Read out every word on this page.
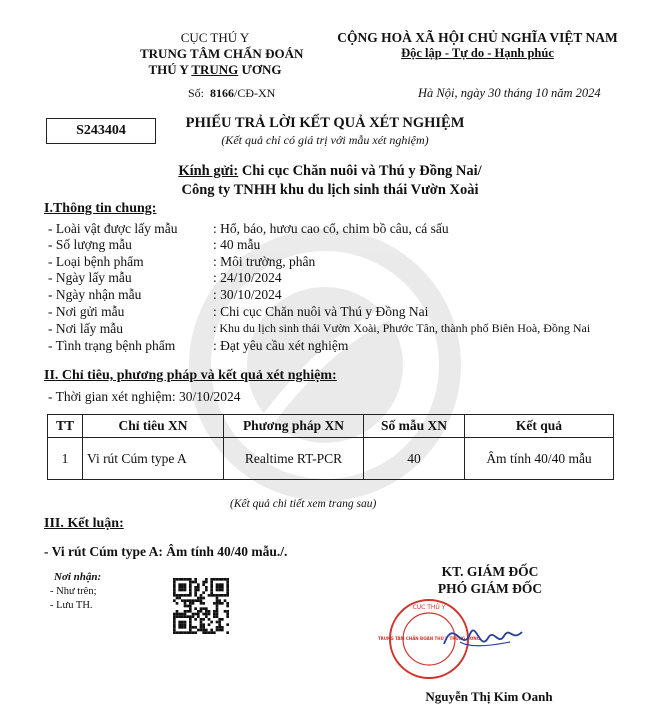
CỤC THÚ Y
TRUNG TÂM CHẨN ĐOÁN
THÚ Y TRUNG ƯƠNG
Số: 8166/CĐ-XN
CỘNG HOÀ XÃ HỘI CHỦ NGHĨA VIỆT NAM
Độc lập - Tự do - Hạnh phúc
Hà Nội, ngày 30 tháng 10 năm 2024
S243404	PHIẾU TRẢ LỜI KẾT QUẢ XÉT NGHIỆM
(Kết quả chỉ có giá trị với mẫu xét nghiệm)
Kính gửi: Chi cục Chăn nuôi và Thú y Đồng Nai/
Công ty TNHH khu du lịch sinh thái Vườn Xoài
I.Thông tin chung:
- Loài vật được lấy mẫu	: Hổ, báo, hươu cao cổ, chim bồ câu, cá sấu
- Số lượng mẫu	: 40 mẫu
- Loại bệnh phẩm	: Môi trường, phân
- Ngày lấy mẫu	: 24/10/2024
- Ngày nhận mẫu	: 30/10/2024
- Nơi gửi mẫu	: Chi cục Chăn nuôi và Thú y Đồng Nai
- Nơi lấy mẫu	: Khu du lịch sinh thái Vườn Xoài, Phước Tân, thành phố Biên Hoà, Đồng Nai
- Tình trạng bệnh phẩm	: Đạt yêu cầu xét nghiệm
II. Chỉ tiêu, phương pháp và kết quả xét nghiệm:
- Thời gian xét nghiệm: 30/10/2024
TT	Chỉ tiêu XN	Phương pháp XN	Số mẫu XN	Kết quả
1	Vi rút Cúm type A	Realtime RT-PCR	40	Âm tính 40/40 mẫu
(Kết quả chi tiết xem trang sau)
III. Kết luận:
- Vi rút Cúm type A: Âm tính 40/40 mẫu./.
Nơi nhận:
- Như trên;
- Lưu TH.
KT. GIÁM ĐỐC
PHÓ GIÁM ĐỐC
CỤC THÚ Y
TRUNG TÂM CHẨN ĐOÁN THÚ Y TRUNG ƯƠNG
Nguyễn Thị Kim Oanh
